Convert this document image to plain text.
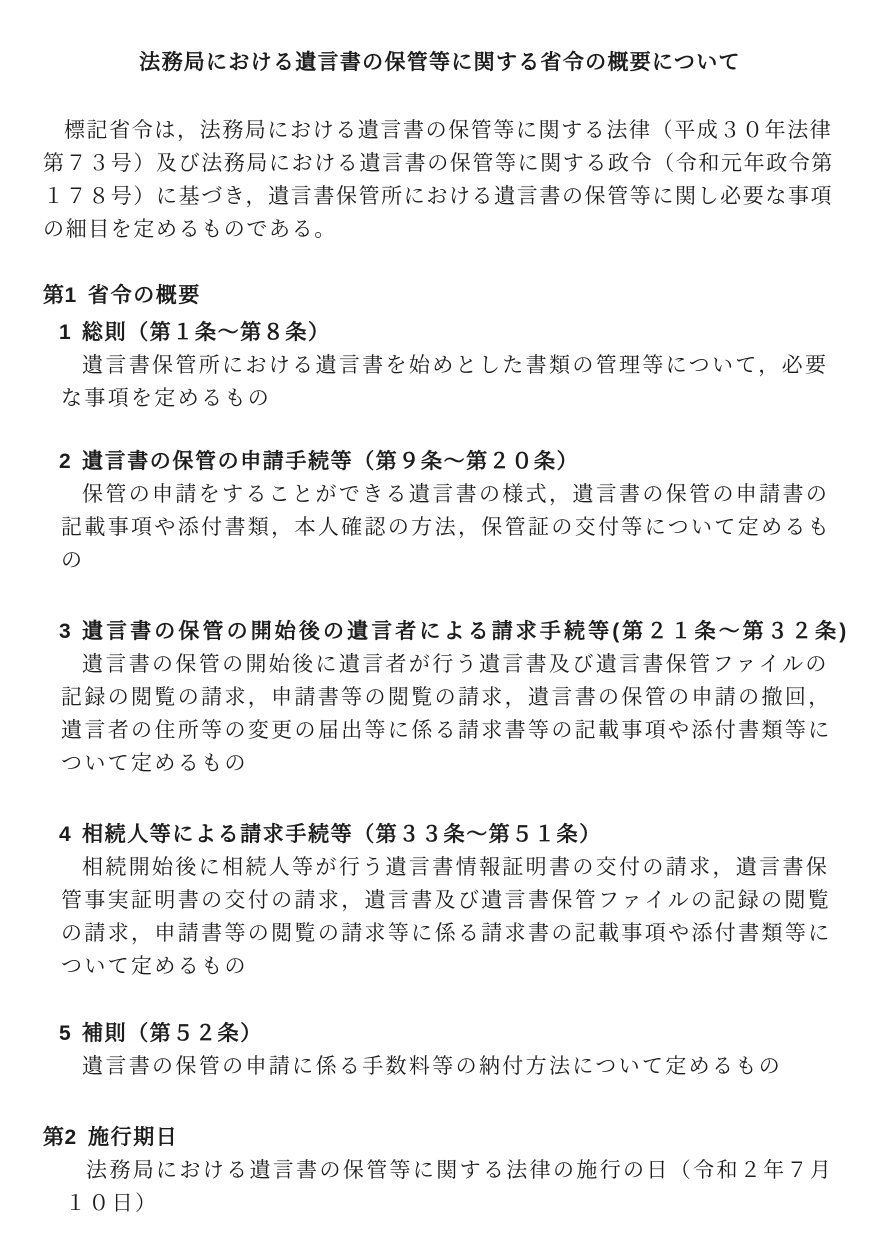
法務局における遺言書の保管等に関する省令の概要について
標記省令は，法務局における遺言書の保管等に関する法律（平成３０年法律
第７３号）及び法務局における遺言書の保管等に関する政令（令和元年政令第
１７８号）に基づき，遺言書保管所における遺言書の保管等に関し必要な事項
の細目を定めるものである。
第1 省令の概要
1 総則（第１条～第８条）
遺言書保管所における遺言書を始めとした書類の管理等について，必要
な事項を定めるもの
2 遺言書の保管の申請手続等（第９条～第２０条）
保管の申請をすることができる遺言書の様式，遺言書の保管の申請書の
記載事項や添付書類，本人確認の方法，保管証の交付等について定めるも
の
3 遺言書の保管の開始後の遺言者による請求手続等(第２１条～第３２条)
遺言書の保管の開始後に遺言者が行う遺言書及び遺言書保管ファイルの
記録の閲覧の請求，申請書等の閲覧の請求，遺言書の保管の申請の撤回，
遺言者の住所等の変更の届出等に係る請求書等の記載事項や添付書類等に
ついて定めるもの
4 相続人等による請求手続等（第３３条～第５１条）
相続開始後に相続人等が行う遺言書情報証明書の交付の請求，遺言書保
管事実証明書の交付の請求，遺言書及び遺言書保管ファイルの記録の閲覧
の請求，申請書等の閲覧の請求等に係る請求書の記載事項や添付書類等に
ついて定めるもの
5 補則（第５２条）
遺言書の保管の申請に係る手数料等の納付方法について定めるもの
第2 施行期日
法務局における遺言書の保管等に関する法律の施行の日（令和２年７月
１０日）
